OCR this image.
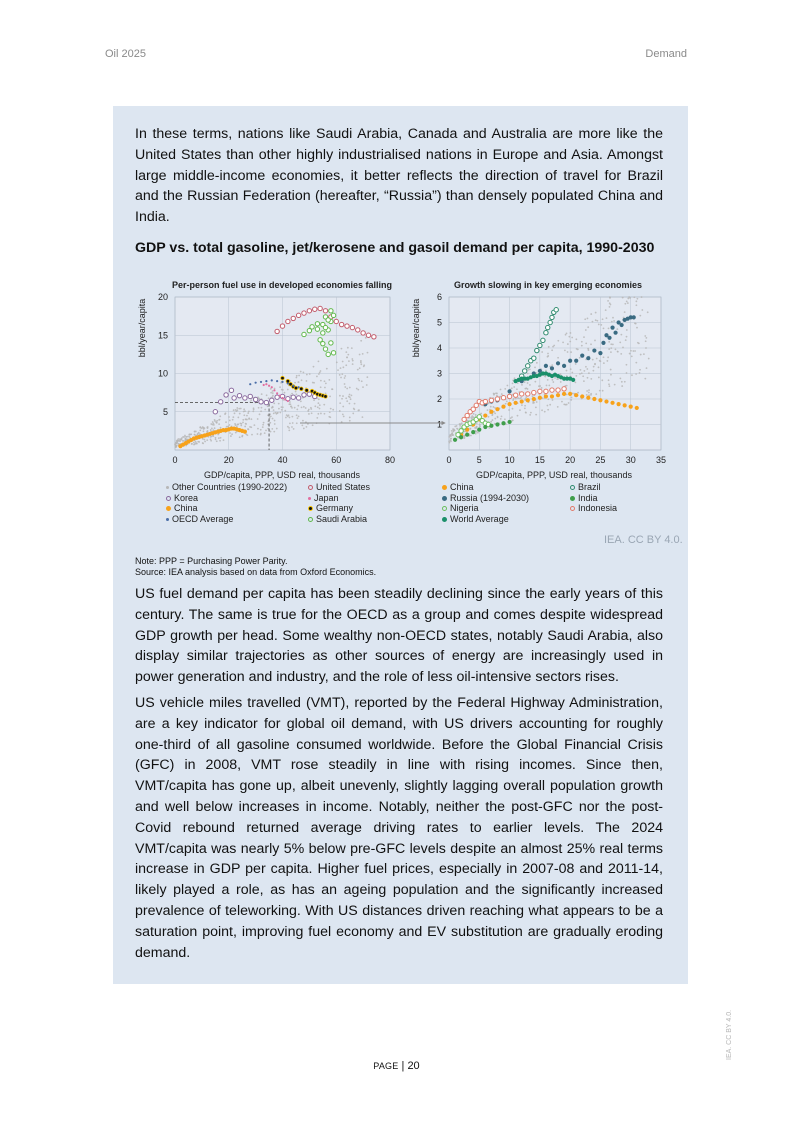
Oil 2025	Demand

In these terms, nations like Saudi Arabia, Canada and Australia are more like the United States than other highly industrialised nations in Europe and Asia. Amongst large middle-income economies, it better reflects the direction of travel for Brazil and the Russian Federation (hereafter, “Russia”) than densely populated China and India.

GDP vs. total gasoline, jet/kerosene and gasoil demand per capita, 1990-2030
Per-person fuel use in developed economies falling	Growth slowing in key emerging economies
0	20	40	60	80
5
10
15
20
0	5	10 15 20 25 30 35
1
2
3
4
5
6
bbl/year/capita	bbl/year/capita
GDP/capita, PPP, USD real, thousands	GDP/capita, PPP, USD real, thousands
Other Countries (1990-2022)	United States
Korea	Japan
China	Germany
OECD Average	Saudi Arabia
China	Brazil
Russia (1994-2030)	India
Nigeria	Indonesia
World Average
IEA. CC BY 4.0.
Note: PPP = Purchasing Power Parity.
Source: IEA analysis based on data from Oxford Economics.

US fuel demand per capita has been steadily declining since the early years of this century. The same is true for the OECD as a group and comes despite widespread GDP growth per head. Some wealthy non-OECD states, notably Saudi Arabia, also display similar trajectories as other sources of energy are increasingly used in power generation and industry, and the role of less oil-intensive sectors rises.

US vehicle miles travelled (VMT), reported by the Federal Highway Administration, are a key indicator for global oil demand, with US drivers accounting for roughly one-third of all gasoline consumed worldwide. Before the Global Financial Crisis (GFC) in 2008, VMT rose steadily in line with rising incomes. Since then, VMT/capita has gone up, albeit unevenly, slightly lagging overall population growth and well below increases in income. Notably, neither the post-GFC nor the post-Covid rebound returned average driving rates to earlier levels. The 2024 VMT/capita was nearly 5% below pre-GFC levels despite an almost 25% real terms increase in GDP per capita. Higher fuel prices, especially in 2007-08 and 2011-14, likely played a role, as has an ageing population and the significantly increased prevalence of teleworking. With US distances driven reaching what appears to be a saturation point, improving fuel economy and EV substitution are gradually eroding demand.

PAGE | 20
IEA. CC BY 4.0.
